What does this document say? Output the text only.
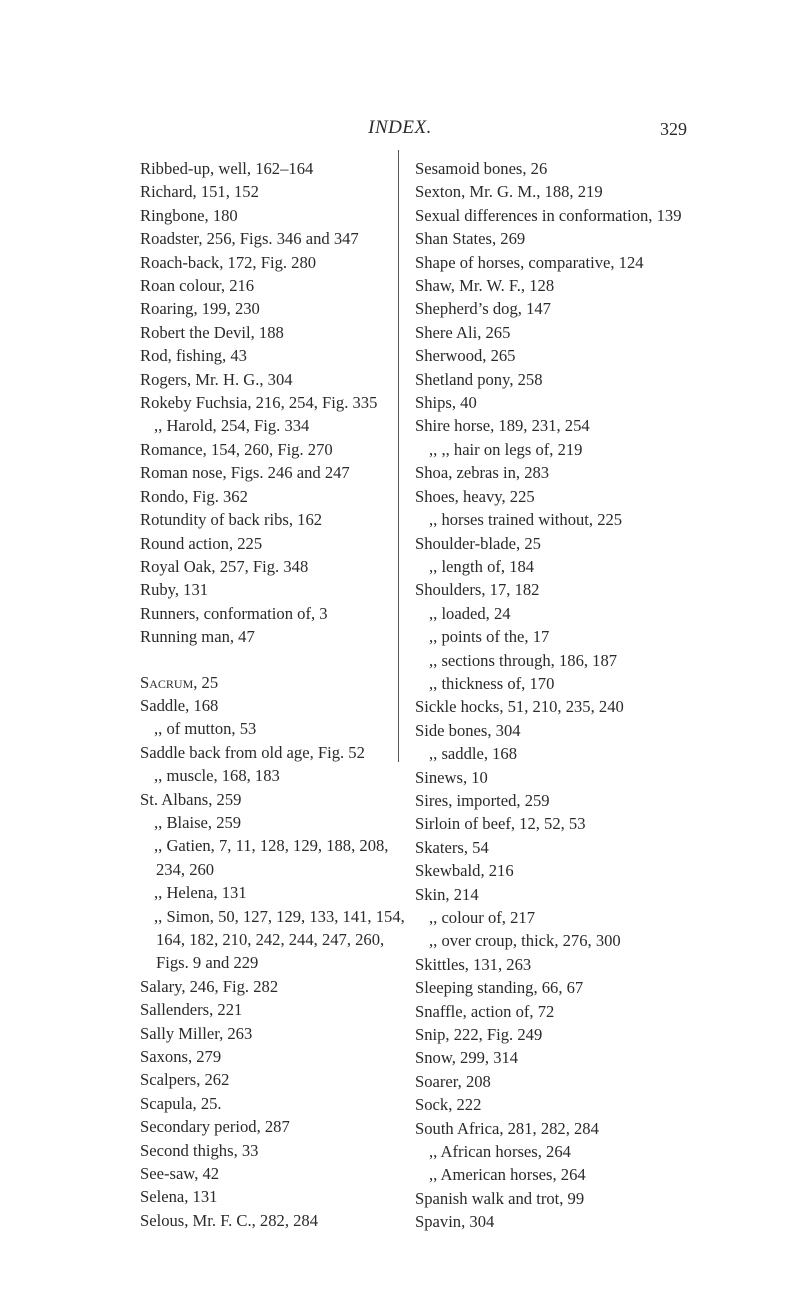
INDEX.	329
Ribbed-up, well, 162–164
Richard, 151, 152
Ringbone, 180
Roadster, 256, Figs. 346 and 347
Roach-back, 172, Fig. 280
Roan colour, 216
Roaring, 199, 230
Robert the Devil, 188
Rod, fishing, 43
Rogers, Mr. H. G., 304
Rokeby Fuchsia, 216, 254, Fig. 335
,, Harold, 254, Fig. 334
Romance, 154, 260, Fig. 270
Roman nose, Figs. 246 and 247
Rondo, Fig. 362
Rotundity of back ribs, 162
Round action, 225
Royal Oak, 257, Fig. 348
Ruby, 131
Runners, conformation of, 3
Running man, 47
Sacrum, 25
Saddle, 168
,, of mutton, 53
Saddle back from old age, Fig. 52
,, muscle, 168, 183
St. Albans, 259
,, Blaise, 259
,, Gatien, 7, 11, 128, 129, 188, 208,
234, 260
,, Helena, 131
,, Simon, 50, 127, 129, 133, 141, 154,
164, 182, 210, 242, 244, 247, 260,
Figs. 9 and 229
Salary, 246, Fig. 282
Sallenders, 221
Sally Miller, 263
Saxons, 279
Scalpers, 262
Scapula, 25.
Secondary period, 287
Second thighs, 33
See-saw, 42
Selena, 131
Selous, Mr. F. C., 282, 284
Sesamoid bones, 26
Sexton, Mr. G. M., 188, 219
Sexual differences in conformation, 139
Shan States, 269
Shape of horses, comparative, 124
Shaw, Mr. W. F., 128
Shepherd’s dog, 147
Shere Ali, 265
Sherwood, 265
Shetland pony, 258
Ships, 40
Shire horse, 189, 231, 254
,, ,, hair on legs of, 219
Shoa, zebras in, 283
Shoes, heavy, 225
,, horses trained without, 225
Shoulder-blade, 25
,, length of, 184
Shoulders, 17, 182
,, loaded, 24
,, points of the, 17
,, sections through, 186, 187
,, thickness of, 170
Sickle hocks, 51, 210, 235, 240
Side bones, 304
,, saddle, 168
Sinews, 10
Sires, imported, 259
Sirloin of beef, 12, 52, 53
Skaters, 54
Skewbald, 216
Skin, 214
,, colour of, 217
,, over croup, thick, 276, 300
Skittles, 131, 263
Sleeping standing, 66, 67
Snaffle, action of, 72
Snip, 222, Fig. 249
Snow, 299, 314
Soarer, 208
Sock, 222
South Africa, 281, 282, 284
,, African horses, 264
,, American horses, 264
Spanish walk and trot, 99
Spavin, 304
